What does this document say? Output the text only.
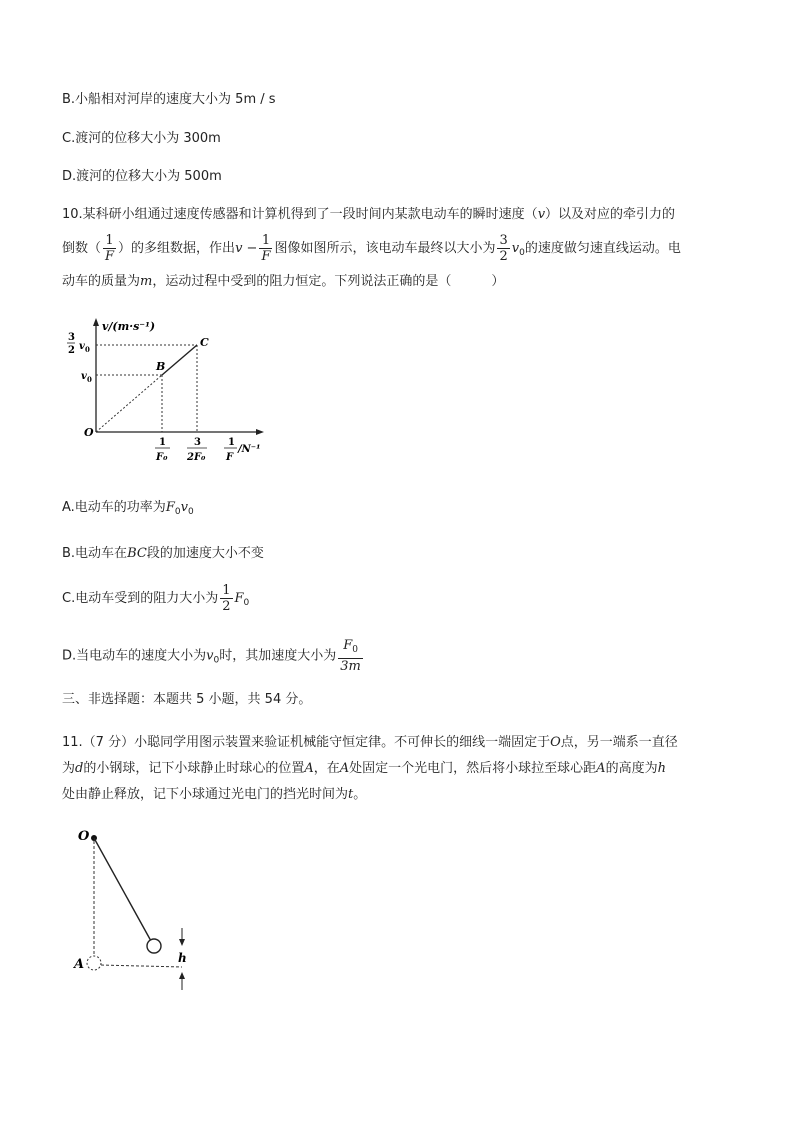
B.小船相对河岸的速度大小为 5m / s
C.渡河的位移大小为 300m
D.渡河的位移大小为 500m
10.某科研小组通过速度传感器和计算机得到了一段时间内某款电动车的瞬时速度（v）以及对应的牵引力的
倒数（ $\frac{1}{F}$ ）的多组数据，作出$v - \frac{1}{F}$ 图像如图所示，该电动车最终以大小为 $\frac{3}{2} v_0$的速度做匀速直线运动。电
动车的质量为m，运动过程中受到的阻力恒定。下列说法正确的是（	）
v/(m·s⁻¹)
3
2 v 0
v 0
O
B
C
1
F₀
3
2F₀
1
F
/N⁻¹
A.电动车的功率为$F_0v_0$
B.电动车在BC段的加速度大小不变
C.电动车受到的阻力大小为 $\frac{1}{2} F_0$
D.当电动车的速度大小为$v_0$时，其加速度大小为 $\frac{F_0}{3m}$
三、非选择题：本题共 5 小题，共 54 分。
11.（7 分）小聪同学用图示装置来验证机械能守恒定律。不可伸长的细线一端固定于O点，另一端系一直径
为d的小钢球，记下小球静止时球心的位置A，在A处固定一个光电门，然后将小球拉至球心距A的高度为h
处由静止释放，记下小球通过光电门的挡光时间为t。
O
A	h
